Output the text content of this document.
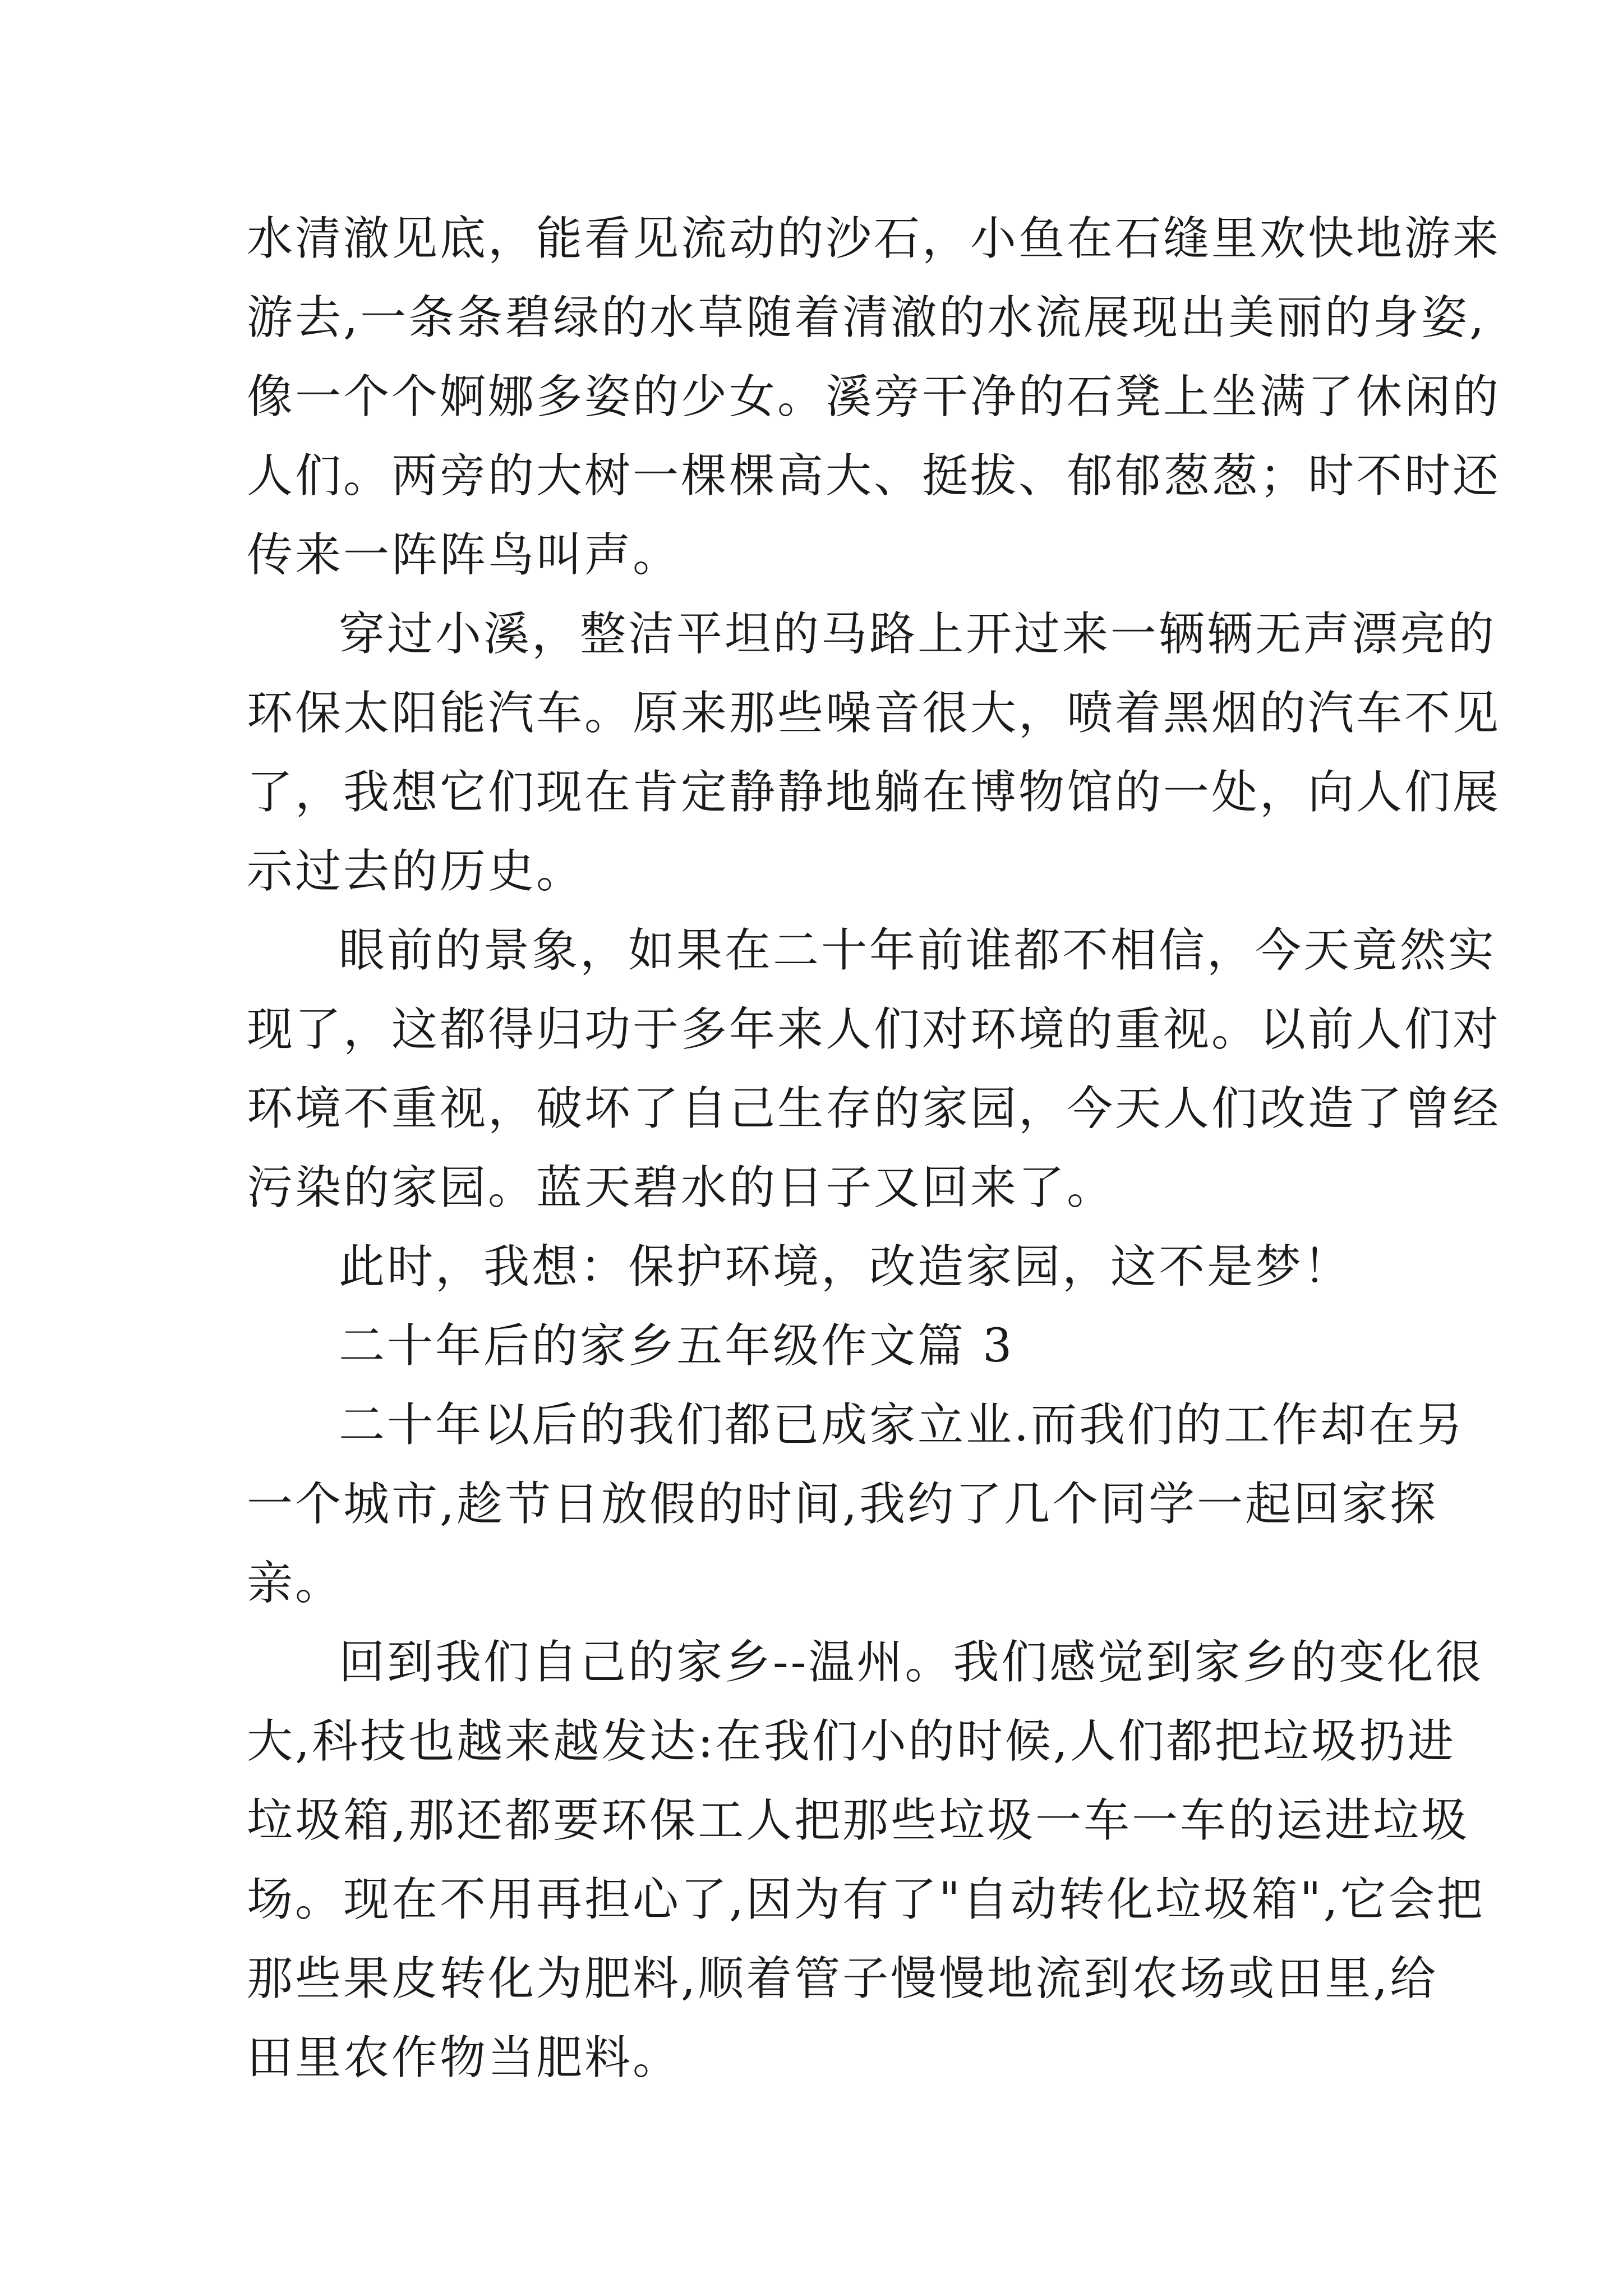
水清澈见底，能看见流动的沙石，小鱼在石缝里欢快地游来
游去,一条条碧绿的水草随着清澈的水流展现出美丽的身姿,
像一个个婀娜多姿的少女。溪旁干净的石凳上坐满了休闲的
人们。两旁的大树一棵棵高大、挺拔、郁郁葱葱；时不时还
传来一阵阵鸟叫声。
穿过小溪，整洁平坦的马路上开过来一辆辆无声漂亮的
环保太阳能汽车。原来那些噪音很大，喷着黑烟的汽车不见
了，我想它们现在肯定静静地躺在博物馆的一处，向人们展
示过去的历史。
眼前的景象，如果在二十年前谁都不相信，今天竟然实
现了，这都得归功于多年来人们对环境的重视。以前人们对
环境不重视，破坏了自己生存的家园，今天人们改造了曾经
污染的家园。蓝天碧水的日子又回来了。
此时，我想：保护环境，改造家园，这不是梦！
二十年后的家乡五年级作文篇 3
二十年以后的我们都已成家立业.而我们的工作却在另
一个城市,趁节日放假的时间,我约了几个同学一起回家探
亲。
回到我们自己的家乡--温州。我们感觉到家乡的变化很
大,科技也越来越发达:在我们小的时候,人们都把垃圾扔进
垃圾箱,那还都要环保工人把那些垃圾一车一车的运进垃圾
场。现在不用再担心了,因为有了"自动转化垃圾箱",它会把
那些果皮转化为肥料,顺着管子慢慢地流到农场或田里,给
田里农作物当肥料。
